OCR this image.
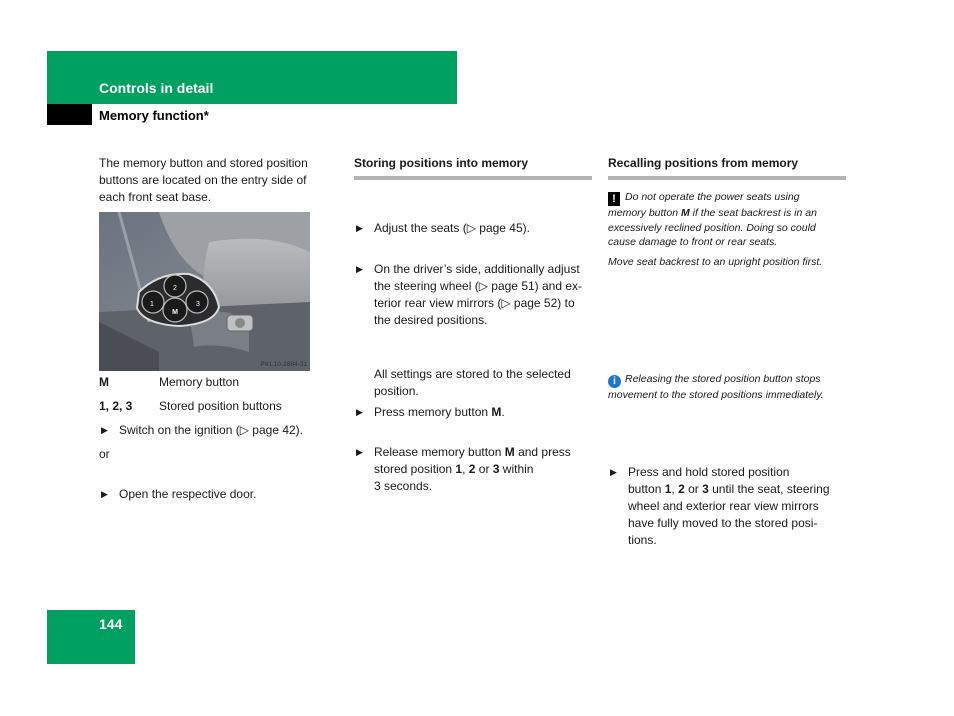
Controls in detail
Memory function*

The memory button and stored position buttons are located on the entry side of each front seat base.

2
1	3
M
P91.10-2884-31
M	Memory button
1, 2, 3 Stored position buttons
▶ Switch on the ignition (▷ page 42).
or
▶ Open the respective door.
Storing positions into memory
▶ Adjust the seats (▷ page 45).
▶ On the driver’s side, additionally adjust
the steering wheel (▷ page 51) and ex-
terior rear view mirrors (▷ page 52) to
the desired positions.
▶ Press memory button M.
▶ Release memory button M and press
stored position 1, 2 or 3 within
3 seconds.
All settings are stored to the selected position.
Recalling positions from memory
! Do not operate the power seats using
memory button M if the seat backrest is in an
excessively reclined position. Doing so could
cause damage to front or rear seats.
Move seat backrest to an upright position first.
▶ Press and hold stored position
button 1, 2 or 3 until the seat, steering
wheel and exterior rear view mirrors
have fully moved to the stored posi-
tions.
i Releasing the stored position button stops
movement to the stored positions immediately.
144
